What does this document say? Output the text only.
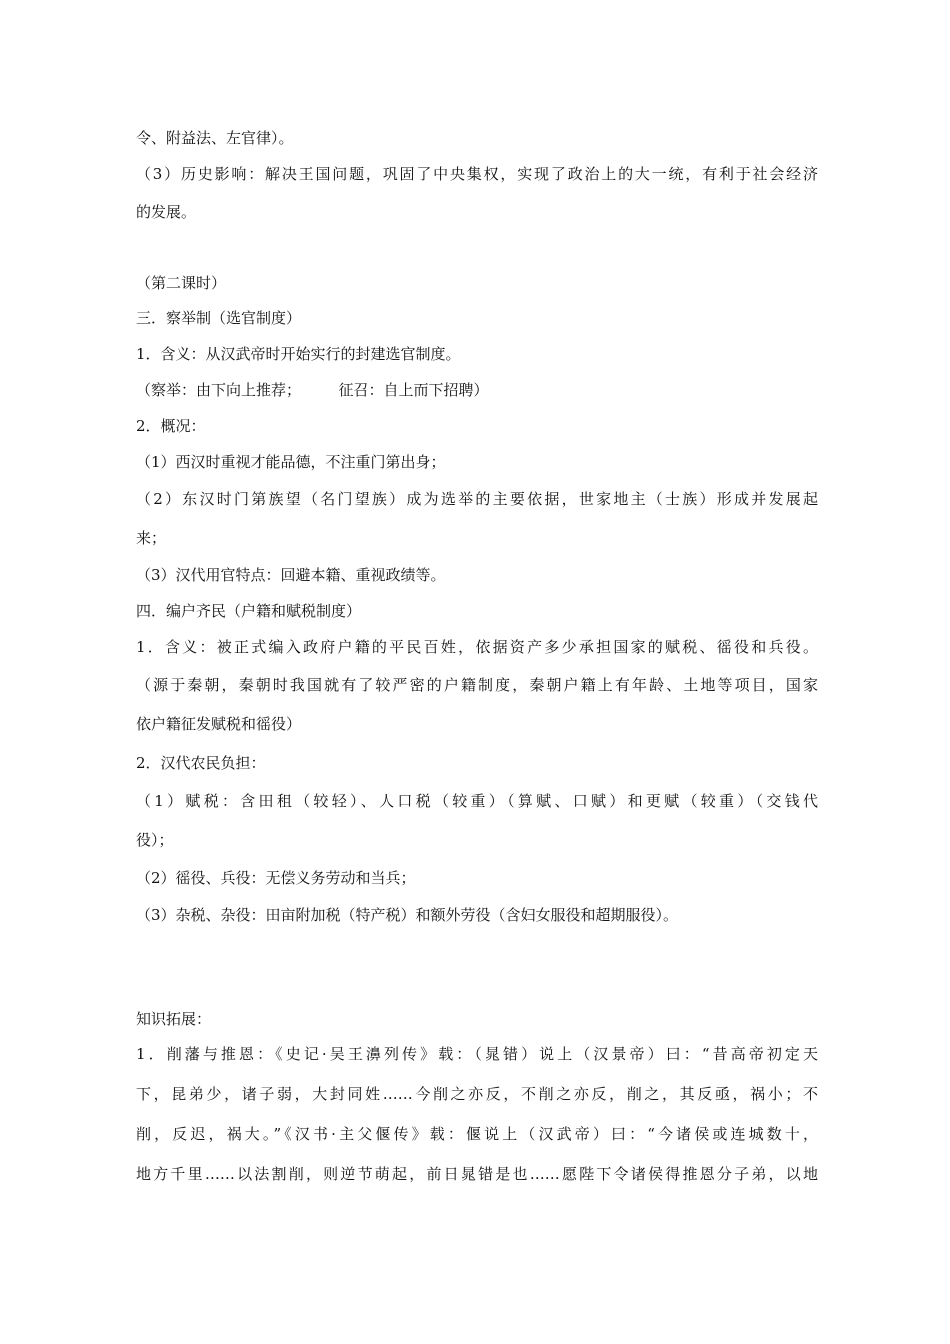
令、附益法、左官律）。
（3）历史影响：解决王国问题，巩固了中央集权，实现了政治上的大一统，有利于社会经济
的发展。
（第二课时）
三．察举制（选官制度）
1．含义：从汉武帝时开始实行的封建选官制度。
（察举：由下向上推荐；　　　征召：自上而下招聘）
2．概况：
（1）西汉时重视才能品德，不注重门第出身；
（2）东汉时门第族望（名门望族）成为选举的主要依据，世家地主（士族）形成并发展起
来；
（3）汉代用官特点：回避本籍、重视政绩等。
四．编户齐民（户籍和赋税制度）
1．含义：被正式编入政府户籍的平民百姓，依据资产多少承担国家的赋税、徭役和兵役。
（源于秦朝，秦朝时我国就有了较严密的户籍制度，秦朝户籍上有年龄、土地等项目，国家
依户籍征发赋税和徭役）
2．汉代农民负担：
（1）赋税：含田租（较轻）、人口税（较重）（算赋、口赋）和更赋（较重）（交钱代
役）；
（2）徭役、兵役：无偿义务劳动和当兵；
（3）杂税、杂役：田亩附加税（特产税）和额外劳役（含妇女服役和超期服役）。
知识拓展：
1．削藩与推恩：《史记·吴王濞列传》载：（晁错）说上（汉景帝）曰：“昔高帝初定天
下，昆弟少，诸子弱，大封同姓……今削之亦反，不削之亦反，削之，其反亟，祸小；不
削，反迟，祸大。”《汉书·主父偃传》载：偃说上（汉武帝）曰：“今诸侯或连城数十，
地方千里……以法割削，则逆节萌起，前日晁错是也……愿陛下令诸侯得推恩分子弟，以地
